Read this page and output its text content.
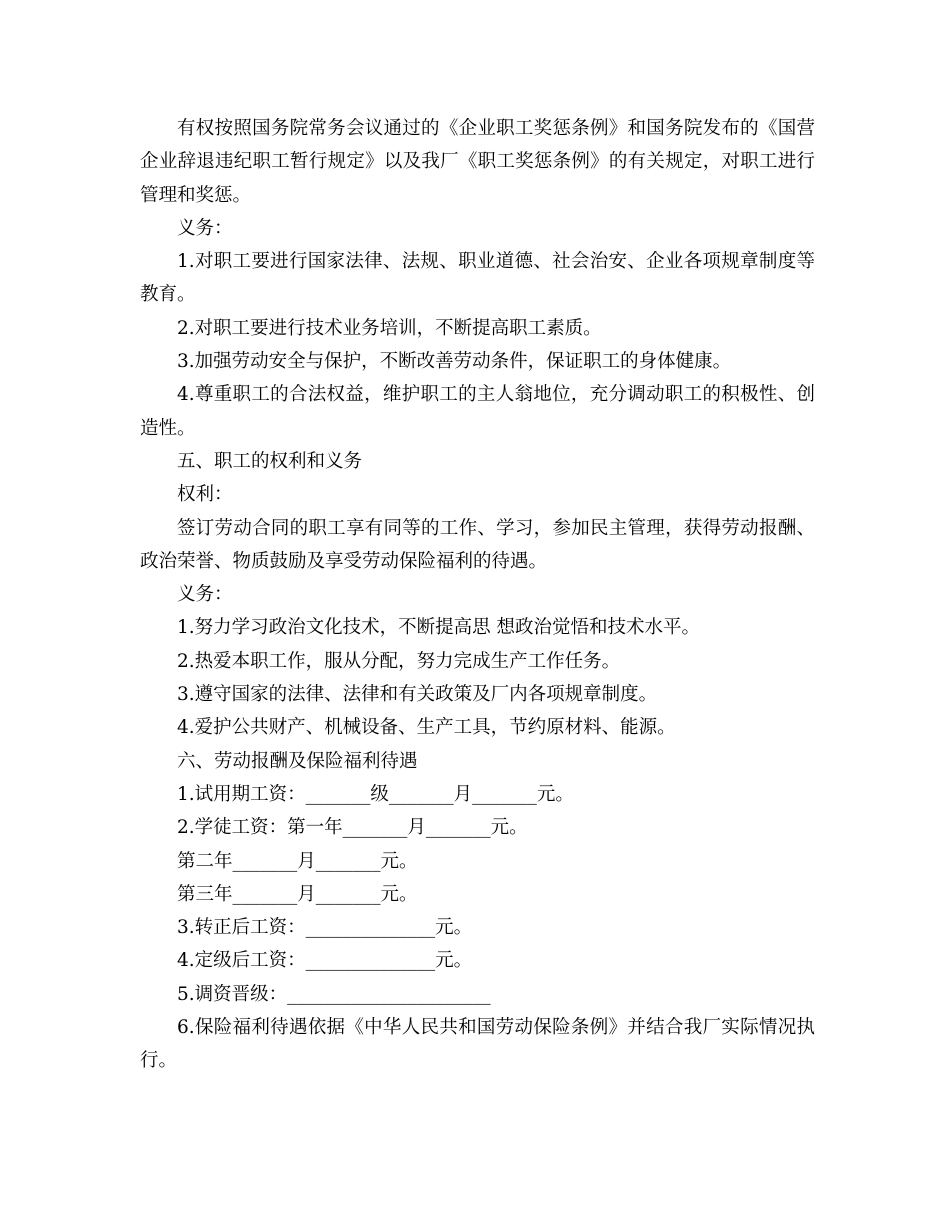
有权按照国务院常务会议通过的《企业职工奖惩条例》和国务院发布的《国营
企业辞退违纪职工暂行规定》以及我厂《职工奖惩条例》的有关规定，对职工进行
管理和奖惩。
义务：
1.对职工要进行国家法律、法规、职业道德、社会治安、企业各项规章制度等
教育。
2.对职工要进行技术业务培训，不断提高职工素质。
3.加强劳动安全与保护，不断改善劳动条件，保证职工的身体健康。
4.尊重职工的合法权益，维护职工的主人翁地位，充分调动职工的积极性、创
造性。
五、职工的权利和义务
权利：
签订劳动合同的职工享有同等的工作、学习，参加民主管理，获得劳动报酬、
政治荣誉、物质鼓励及享受劳动保险福利的待遇。
义务：
1.努力学习政治文化技术，不断提高思 想政治觉悟和技术水平。
2.热爱本职工作，服从分配，努力完成生产工作任务。
3.遵守国家的法律、法律和有关政策及厂内各项规章制度。
4.爱护公共财产、机械设备、生产工具，节约原材料、能源。
六、劳动报酬及保险福利待遇
1.试用期工资：_______级_______月_______元。
2.学徒工资：第一年_______月_______元。
第二年_______月_______元。
第三年_______月_______元。
3.转正后工资：______________元。
4.定级后工资：______________元。
5.调资晋级：______________________
6.保险福利待遇依据《中华人民共和国劳动保险条例》并结合我厂实际情况执
行。
